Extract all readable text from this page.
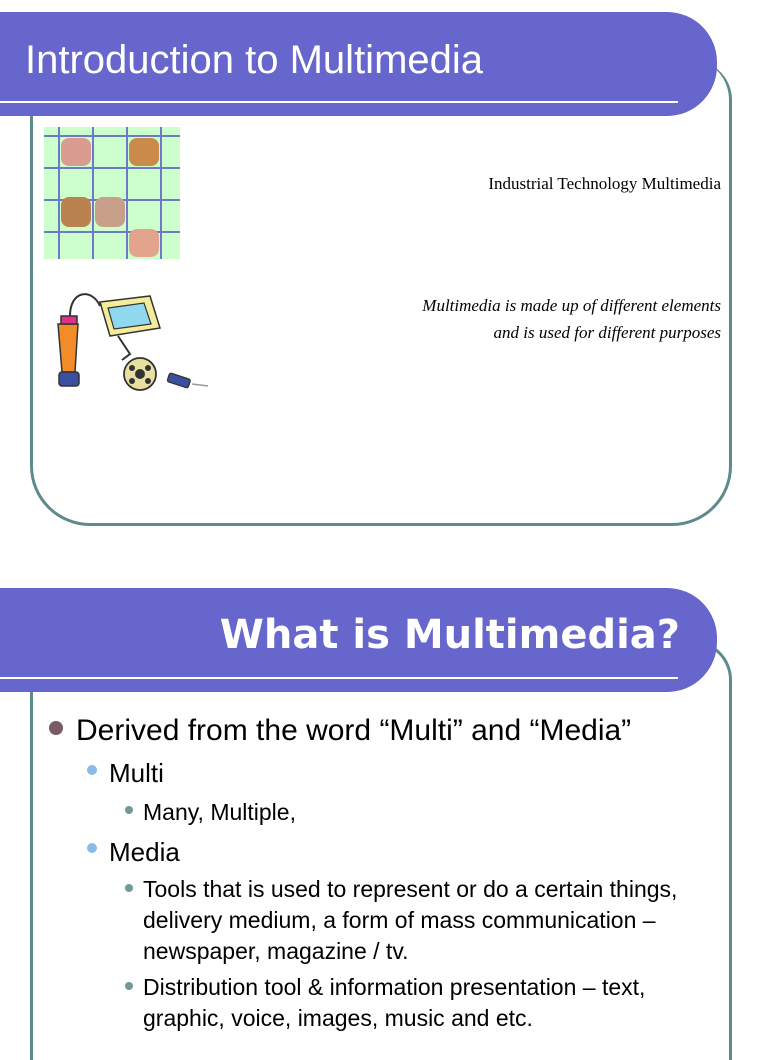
Introduction to Multimedia
Industrial Technology Multimedia
Multimedia is made up of different elements
and is used for different purposes
What is Multimedia?
Derived from the word “Multi” and “Media”
Multi
Many, Multiple,
Media
Tools that is used to represent or do a certain things, delivery medium, a form of mass communication – newspaper, magazine / tv.
Distribution tool & information presentation – text, graphic, voice, images, music and etc.
